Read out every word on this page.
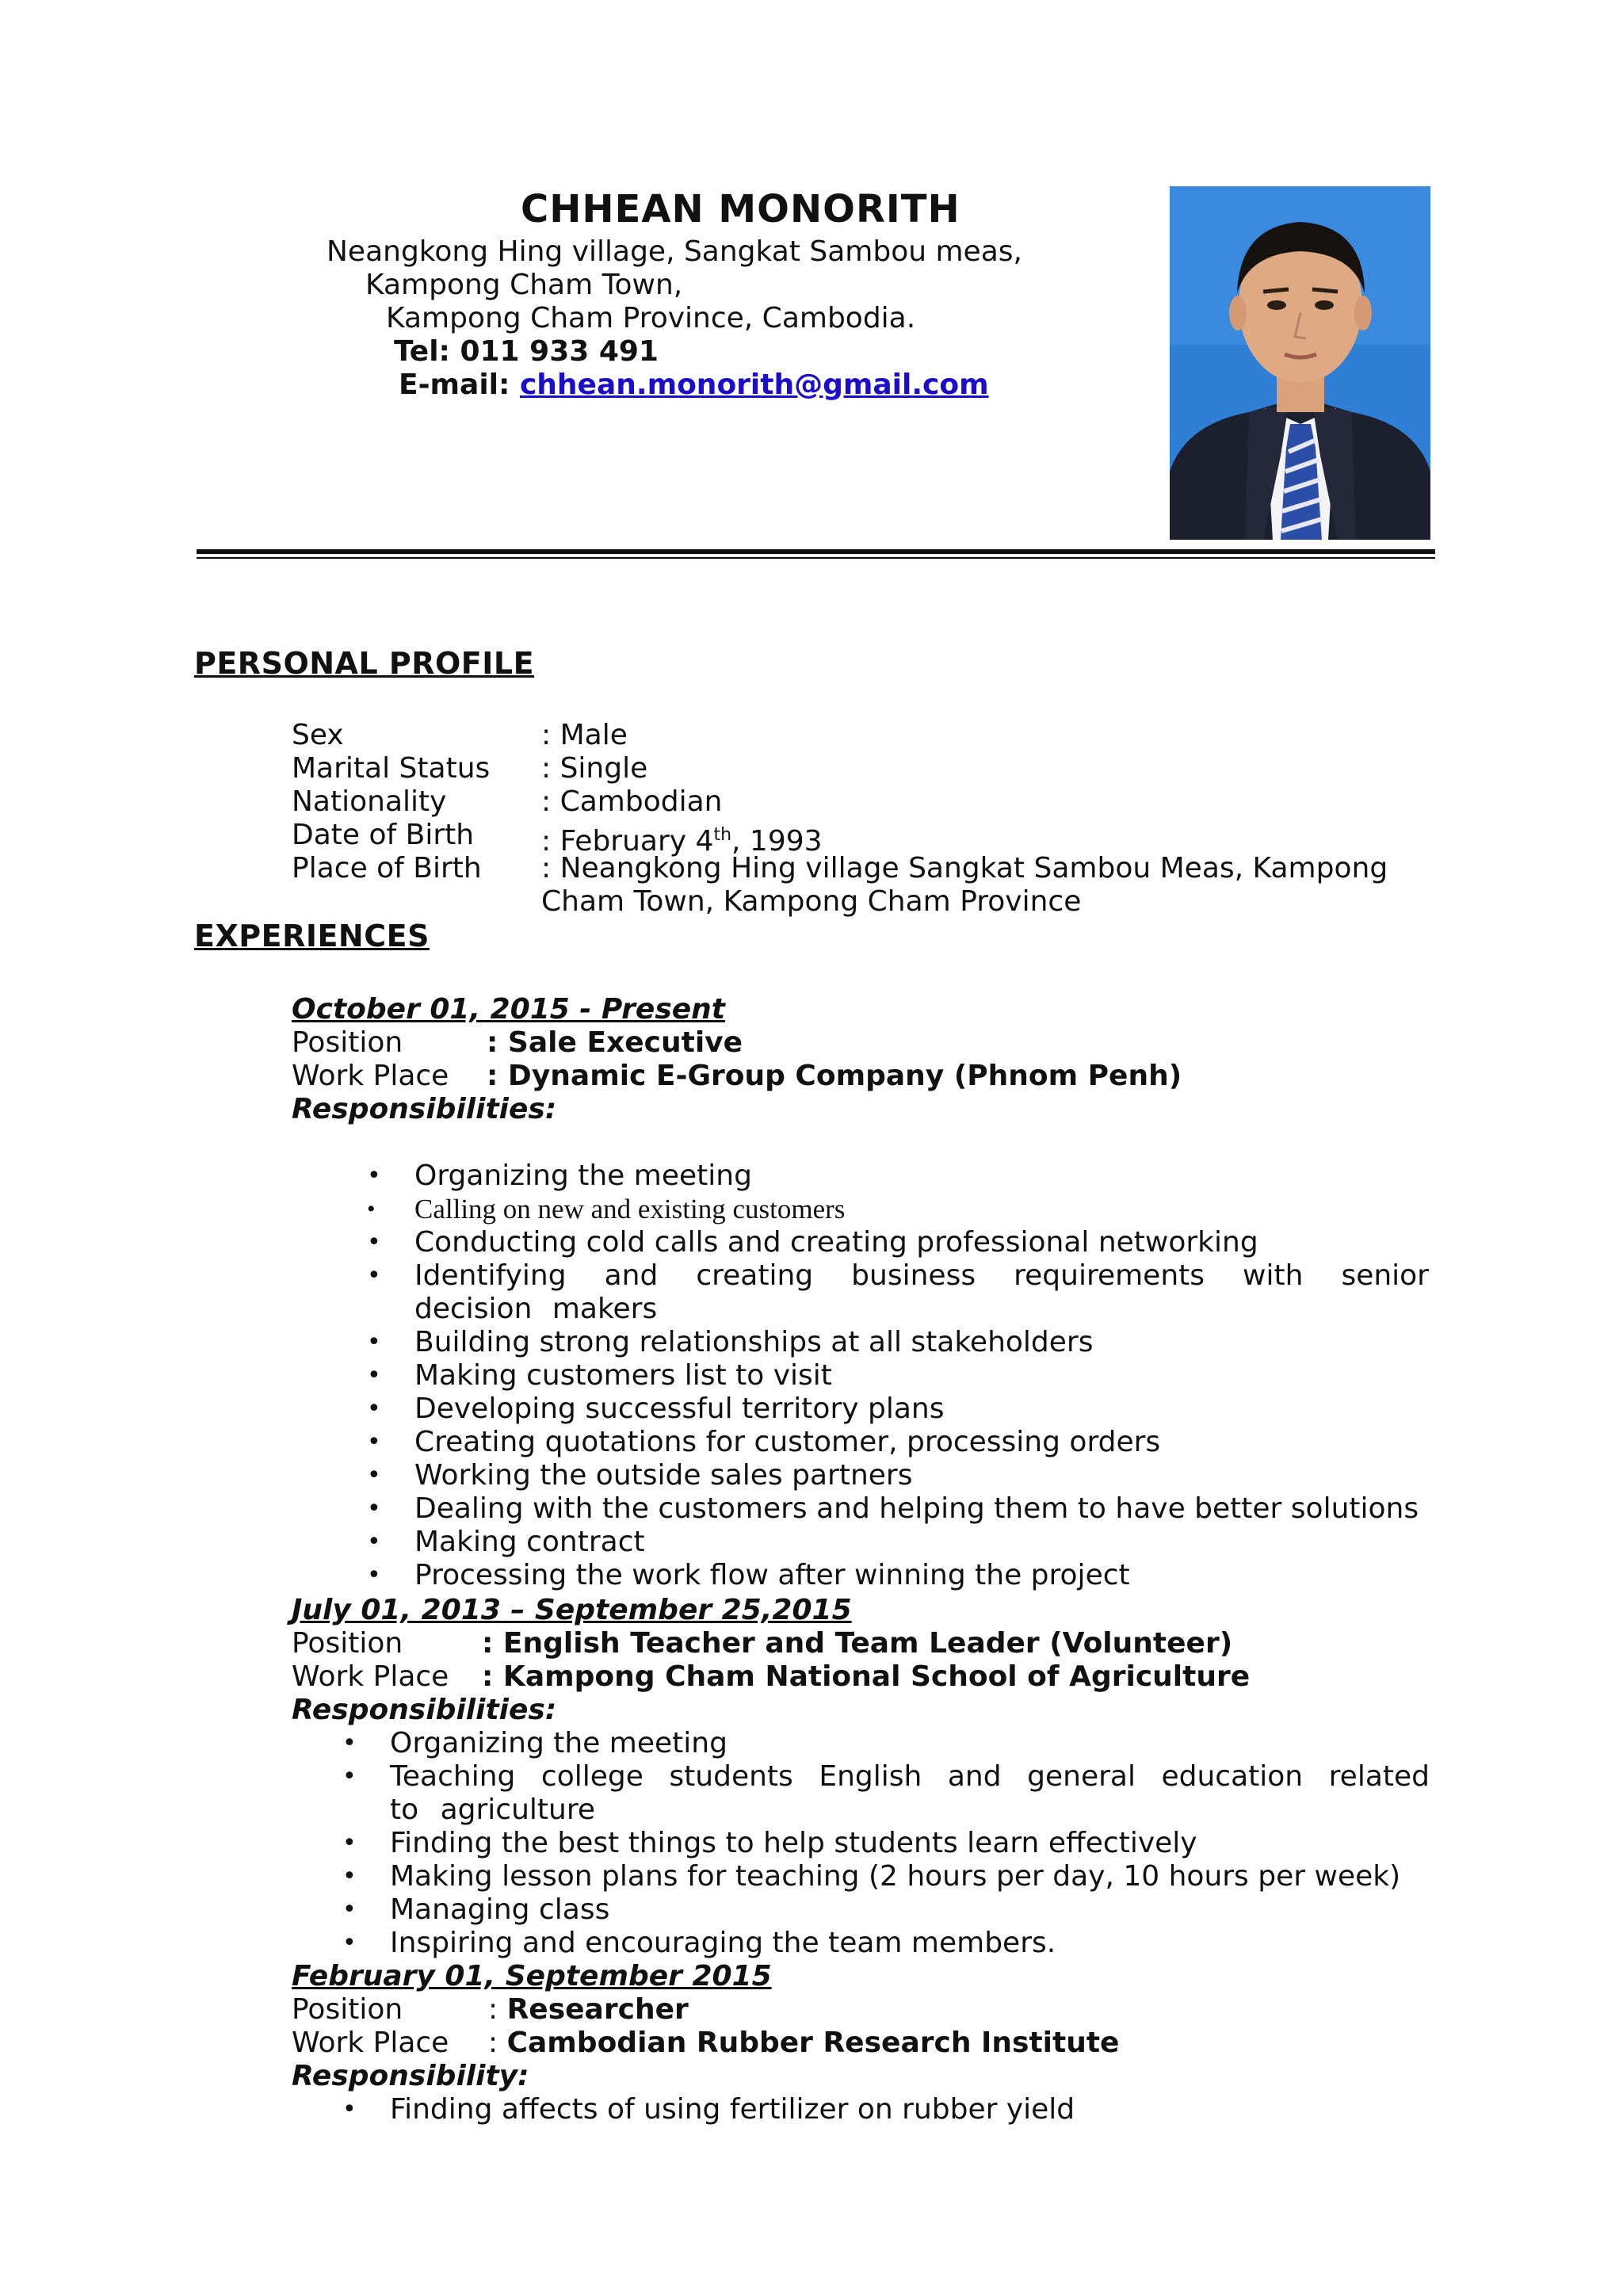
CHHEAN MONORITH
Neangkong Hing village, Sangkat Sambou meas,
Kampong Cham Town,
Kampong Cham Province, Cambodia.
Tel: 011 933 491
E-mail: chhean.monorith@gmail.com
PERSONAL PROFILE
Sex	: Male
Marital Status : Single
Nationality	: Cambodian
Date of Birth : February 4th, 1993
Place of Birth : Neangkong Hing village Sangkat Sambou Meas, Kampong
Cham Town, Kampong Cham Province
EXPERIENCES
October 01, 2015 - Present
Position	: Sale Executive
Work Place : Dynamic E-Group Company (Phnom Penh)
Responsibilities:
• Organizing the meeting
• Calling on new and existing customers
• Conducting cold calls and creating professional networking
• Identifying and creating business requirements with senior decision makers
• Building strong relationships at all stakeholders
• Making customers list to visit
• Developing successful territory plans
• Creating quotations for customer, processing orders
• Working the outside sales partners
• Dealing with the customers and helping them to have better solutions
• Making contract
• Processing the work flow after winning the project
July 01, 2013 – September 25,2015
Position	: English Teacher and Team Leader (Volunteer)
Work Place : Kampong Cham National School of Agriculture
Responsibilities:
• Organizing the meeting
• Teaching college students English and general education related to agriculture
• Finding the best things to help students learn effectively
• Making lesson plans for teaching (2 hours per day, 10 hours per week)
• Managing class
• Inspiring and encouraging the team members.
February 01, September 2015
Position	: Researcher
Work Place : Cambodian Rubber Research Institute
Responsibility:
• Finding affects of using fertilizer on rubber yield
